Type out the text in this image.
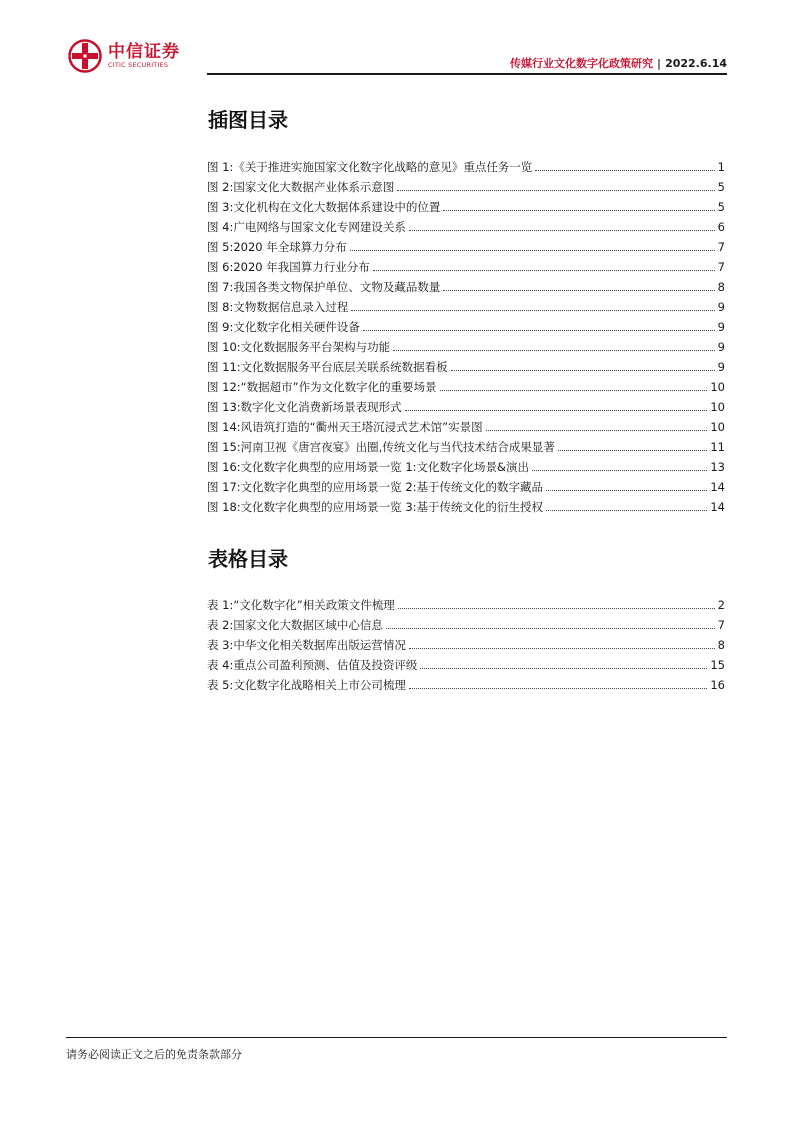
中信证券
CITIC SECURITIES	传媒行业文化数字化政策研究 | 2022.6.14
插图目录
图 1:《关于推进实施国家文化数字化战略的意见》重点任务一览	1
图 2:国家文化大数据产业体系示意图	5
图 3:文化机构在文化大数据体系建设中的位置	5
图 4:广电网络与国家文化专网建设关系	6
图 5:2020 年全球算力分布	7
图 6:2020 年我国算力行业分布	7
图 7:我国各类文物保护单位、文物及藏品数量	8
图 8:文物数据信息录入过程	9
图 9:文化数字化相关硬件设备	9
图 10:文化数据服务平台架构与功能	9
图 11:文化数据服务平台底层关联系统数据看板	9
图 12:“数据超市”作为文化数字化的重要场景	10
图 13:数字化文化消费新场景表现形式	10
图 14:风语筑打造的“衢州天王塔沉浸式艺术馆”实景图	10
图 15:河南卫视《唐宫夜宴》出圈,传统文化与当代技术结合成果显著	11
图 16:文化数字化典型的应用场景一览 1:文化数字化场景&演出	13
图 17:文化数字化典型的应用场景一览 2:基于传统文化的数字藏品	14
图 18:文化数字化典型的应用场景一览 3:基于传统文化的衍生授权	14
表格目录
表 1:“文化数字化”相关政策文件梳理	2
表 2:国家文化大数据区域中心信息	7
表 3:中华文化相关数据库出版运营情况	8
表 4:重点公司盈利预测、估值及投资评级	15
表 5:文化数字化战略相关上市公司梳理	16
请务必阅读正文之后的免责条款部分
